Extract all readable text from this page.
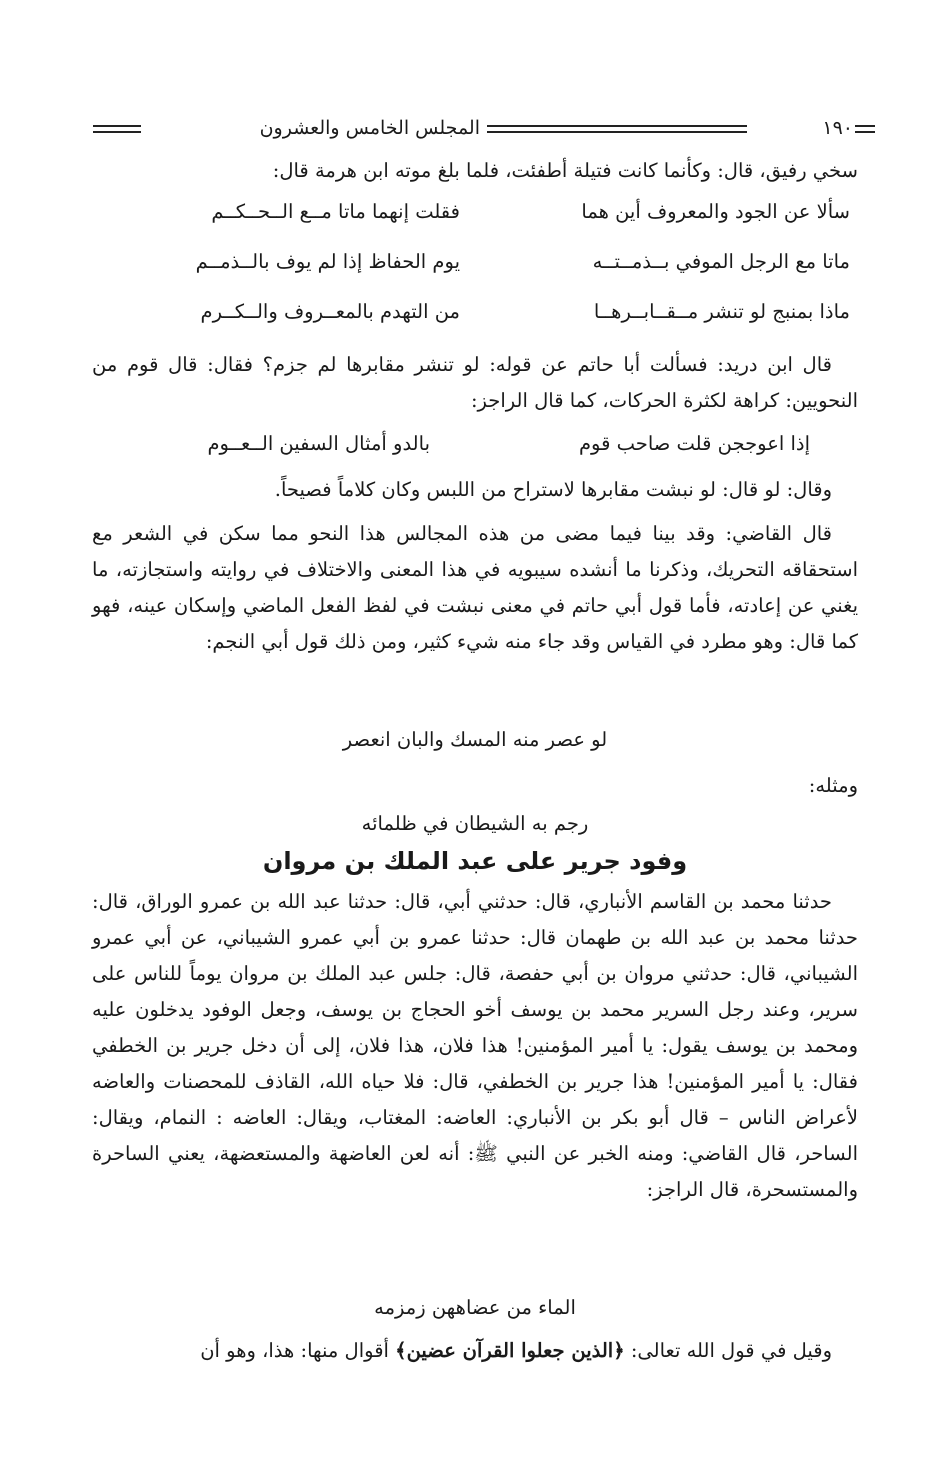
١٩٠
المجلس الخامس والعشرون
سخي رفيق، قال: وكأنما كانت فتيلة أطفئت، فلما بلغ موته ابن هرمة قال:
سألا عن الجود والمعروف أين هما
فقلت إنهما ماتا مــع الــحــكــم
ماتا مع الرجل الموفي بــذمــتــه
يوم الحفاظ إذا لم يوف بالــذمــم
ماذا بمنبج لو تنشر مــقــابــرهــا
من التهدم بالمعــروف والــكــرم
قال ابن دريد: فسألت أبا حاتم عن قوله: لو تنشر مقابرها لم جزم؟ فقال: قال قوم من النحويين: كراهة لكثرة الحركات، كما قال الراجز:
إذا اعوججن قلت صاحب قوم
بالدو أمثال السفين الــعــوم
وقال: لو قال: لو نبشت مقابرها لاستراح من اللبس وكان كلاماً فصيحاً.
قال القاضي: وقد بينا فيما مضى من هذه المجالس هذا النحو مما سكن في الشعر مع استحقاقه التحريك، وذكرنا ما أنشده سيبويه في هذا المعنى والاختلاف في روايته واستجازته، ما يغني عن إعادته، فأما قول أبي حاتم في معنى نبشت في لفظ الفعل الماضي وإسكان عينه، فهو كما قال: وهو مطرد في القياس وقد جاء منه شيء كثير، ومن ذلك قول أبي النجم:
لو عصر منه المسك والبان انعصر
ومثله:
رجم به الشيطان في ظلمائه
وفود جرير على عبد الملك بن مروان
حدثنا محمد بن القاسم الأنباري، قال: حدثني أبي، قال: حدثنا عبد الله بن عمرو الوراق، قال: حدثنا محمد بن عبد الله بن طهمان قال: حدثنا عمرو بن أبي عمرو الشيباني، عن أبي عمرو الشيباني، قال: حدثني مروان بن أبي حفصة، قال: جلس عبد الملك بن مروان يوماً للناس على سرير، وعند رجل السرير محمد بن يوسف أخو الحجاج بن يوسف، وجعل الوفود يدخلون عليه ومحمد بن يوسف يقول: يا أمير المؤمنين! هذا فلان، هذا فلان، إلى أن دخل جرير بن الخطفي فقال: يا أمير المؤمنين! هذا جرير بن الخطفي، قال: فلا حياه الله، القاذف للمحصنات والعاضه لأعراض الناس – قال أبو بكر بن الأنباري: العاضه: المغتاب، ويقال: العاضه : النمام، ويقال: الساحر، قال القاضي: ومنه الخبر عن النبي ﷺ: أنه لعن العاضهة والمستعضهة، يعني الساحرة والمستسحرة، قال الراجز:
الماء من عضاههن زمزمه
وقيل في قول الله تعالى: ﴿الذين جعلوا القرآن عضين﴾ أقوال منها: هذا، وهو أن
